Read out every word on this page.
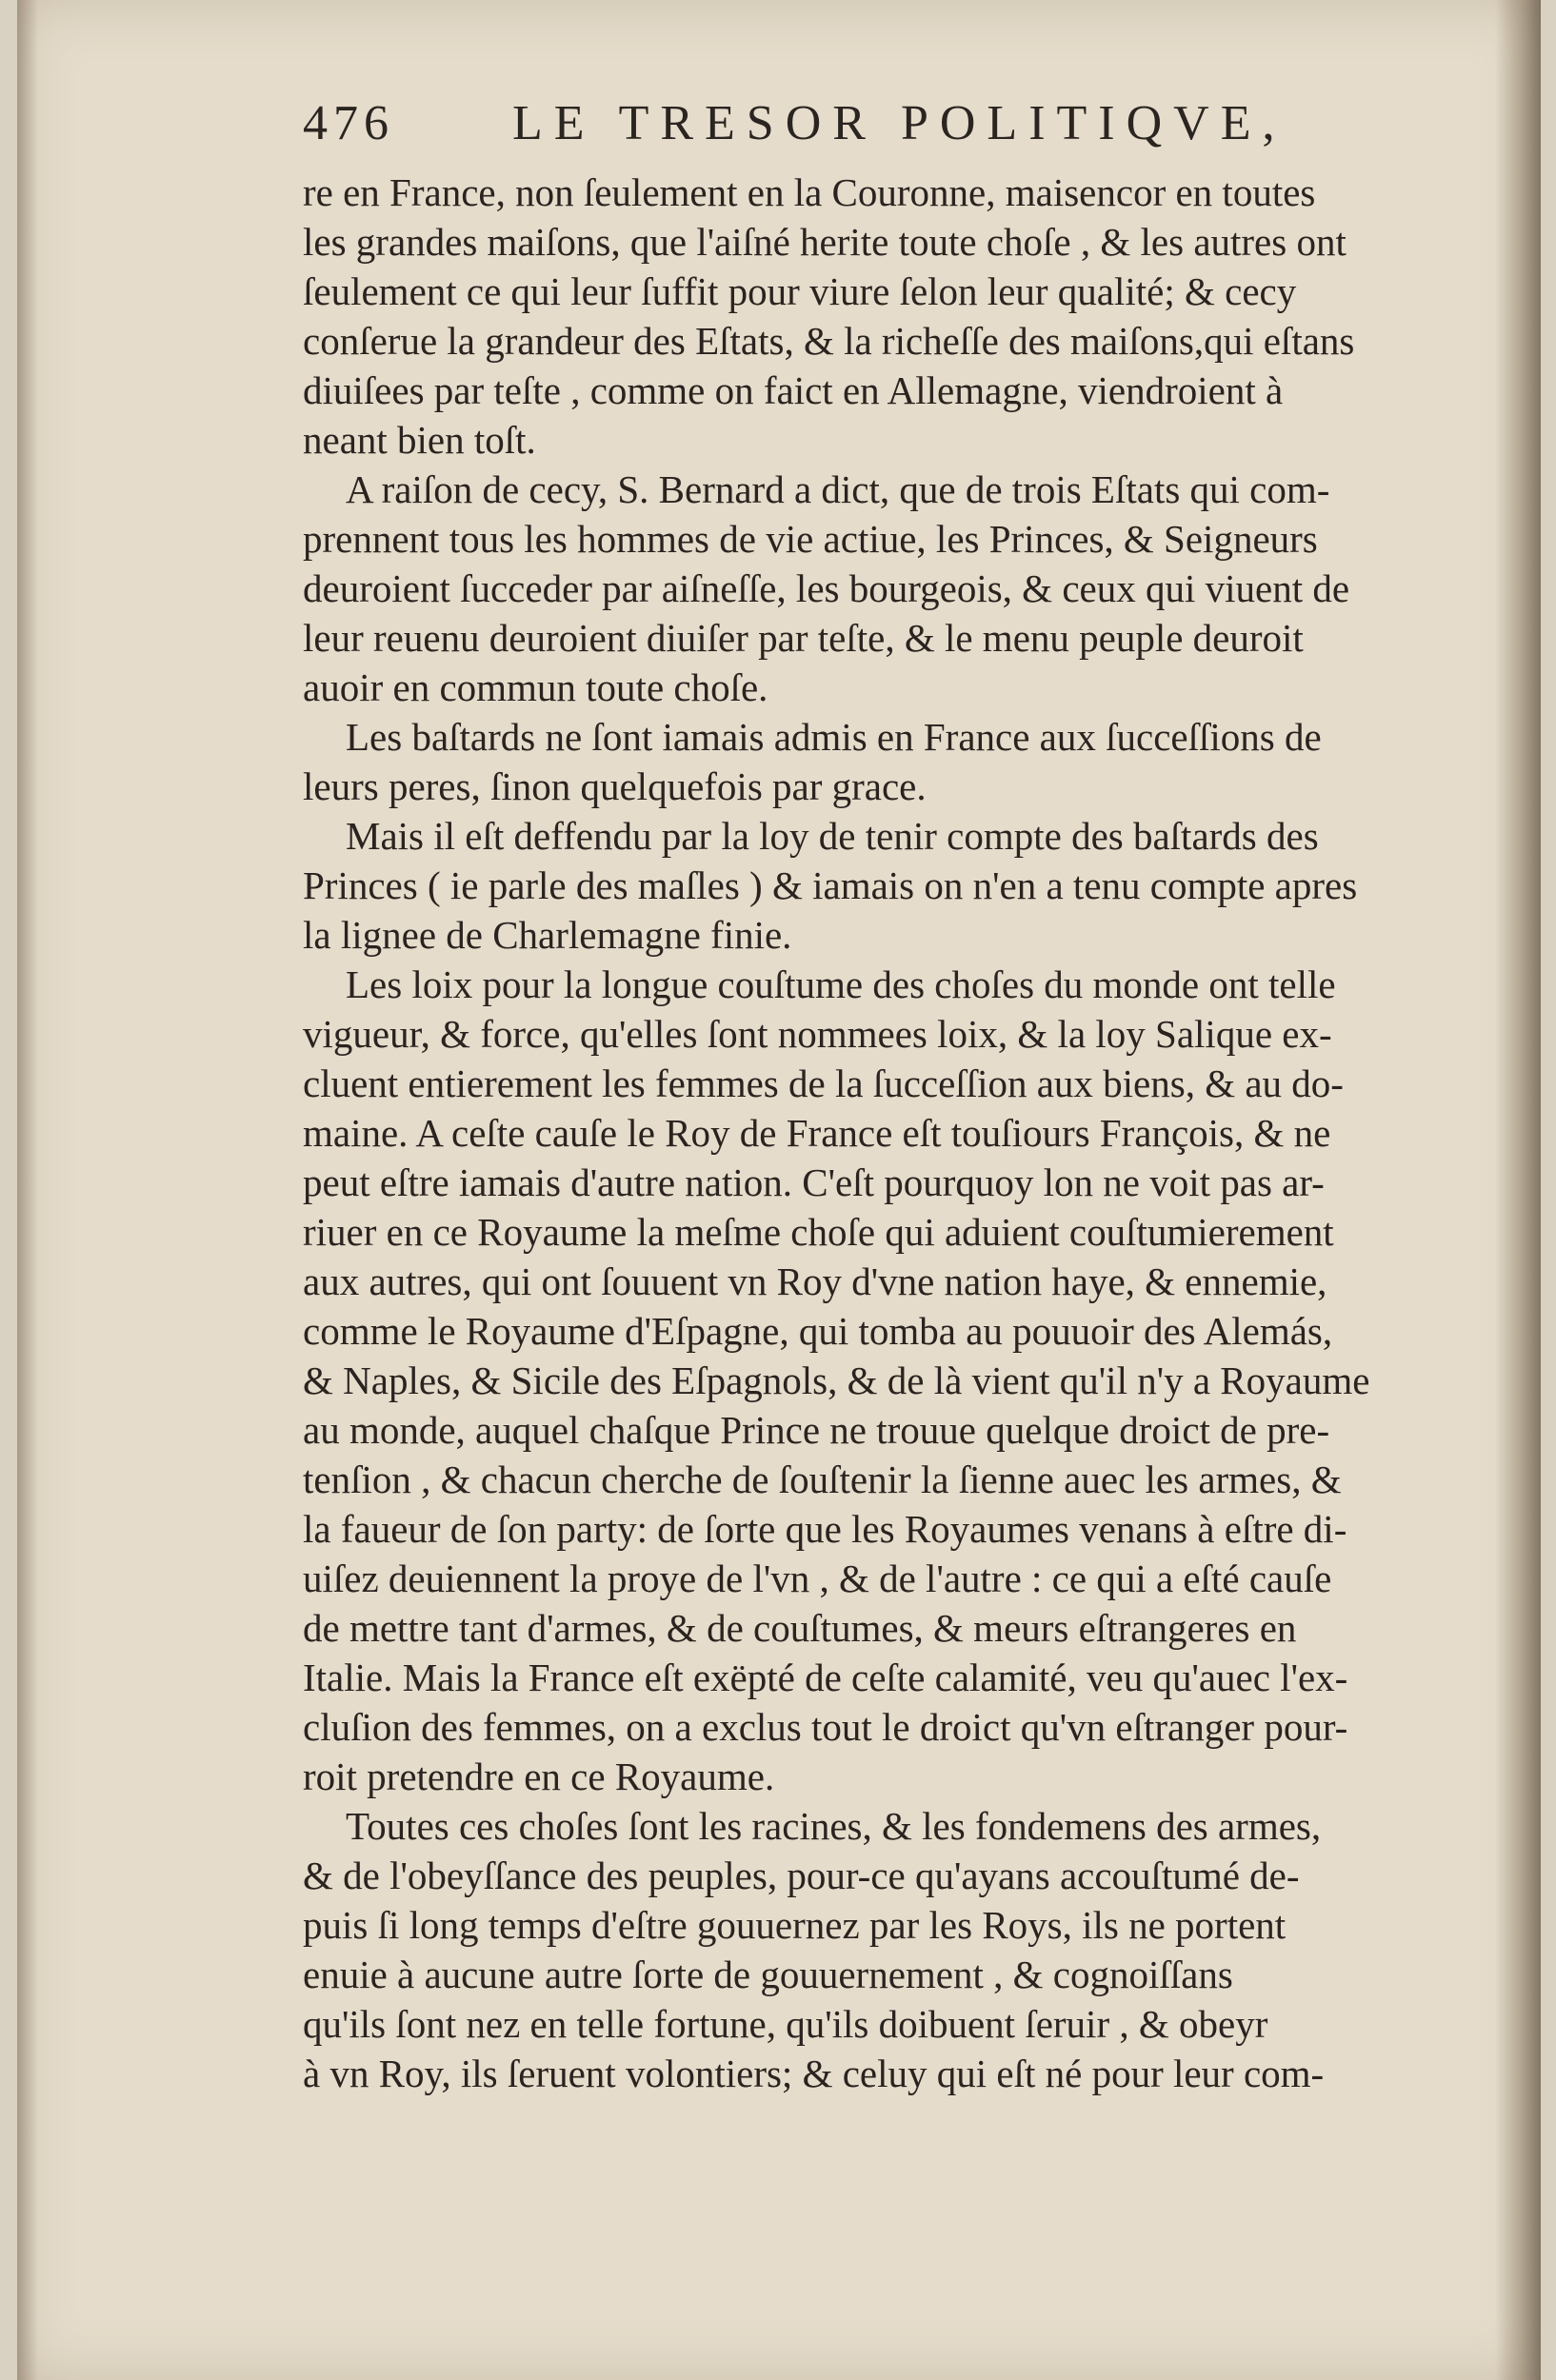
476 LE TRESOR POLITIQVE,
re en France, non ſeulement en la Couronne, maisencor en toutes
les grandes maiſons, que l'aiſné herite toute choſe , & les autres ont
ſeulement ce qui leur ſuffit pour viure ſelon leur qualité; & cecy
conſerue la grandeur des Eſtats, & la richeſſe des maiſons,qui eſtans
diuiſees par teſte , comme on faict en Allemagne, viendroient à
neant bien toſt.
A raiſon de cecy, S. Bernard a dict, que de trois Eſtats qui com-
prennent tous les hommes de vie actiue, les Princes, & Seigneurs
deuroient ſucceder par aiſneſſe, les bourgeois, & ceux qui viuent de
leur reuenu deuroient diuiſer par teſte, & le menu peuple deuroit
auoir en commun toute choſe.
Les baſtards ne ſont iamais admis en France aux ſucceſſions de
leurs peres, ſinon quelquefois par grace.
Mais il eſt deffendu par la loy de tenir compte des baſtards des
Princes ( ie parle des maſles ) & iamais on n'en a tenu compte apres
la lignee de Charlemagne finie.
Les loix pour la longue couſtume des choſes du monde ont telle
vigueur, & force, qu'elles ſont nommees loix, & la loy Salique ex-
cluent entierement les femmes de la ſucceſſion aux biens, & au do-
maine. A ceſte cauſe le Roy de France eſt touſiours François, & ne
peut eſtre iamais d'autre nation. C'eſt pourquoy lon ne voit pas ar-
riuer en ce Royaume la meſme choſe qui aduient couſtumierement
aux autres, qui ont ſouuent vn Roy d'vne nation haye, & ennemie,
comme le Royaume d'Eſpagne, qui tomba au pouuoir des Alemás,
& Naples, & Sicile des Eſpagnols, & de là vient qu'il n'y a Royaume
au monde, auquel chaſque Prince ne trouue quelque droict de pre-
tenſion , & chacun cherche de ſouſtenir la ſienne auec les armes, &
la faueur de ſon party: de ſorte que les Royaumes venans à eſtre di-
uiſez deuiennent la proye de l'vn , & de l'autre : ce qui a eſté cauſe
de mettre tant d'armes, & de couſtumes, & meurs eſtrangeres en
Italie. Mais la France eſt exëpté de ceſte calamité, veu qu'auec l'ex-
cluſion des femmes, on a exclus tout le droict qu'vn eſtranger pour-
roit pretendre en ce Royaume.
Toutes ces choſes ſont les racines, & les fondemens des armes,
& de l'obeyſſance des peuples, pour-ce qu'ayans accouſtumé de-
puis ſi long temps d'eſtre gouuernez par les Roys, ils ne portent
enuie à aucune autre ſorte de gouuernement , & cognoiſſans
qu'ils ſont nez en telle fortune, qu'ils doibuent ſeruir , & obeyr
à vn Roy, ils ſeruent volontiers; & celuy qui eſt né pour leur com-
